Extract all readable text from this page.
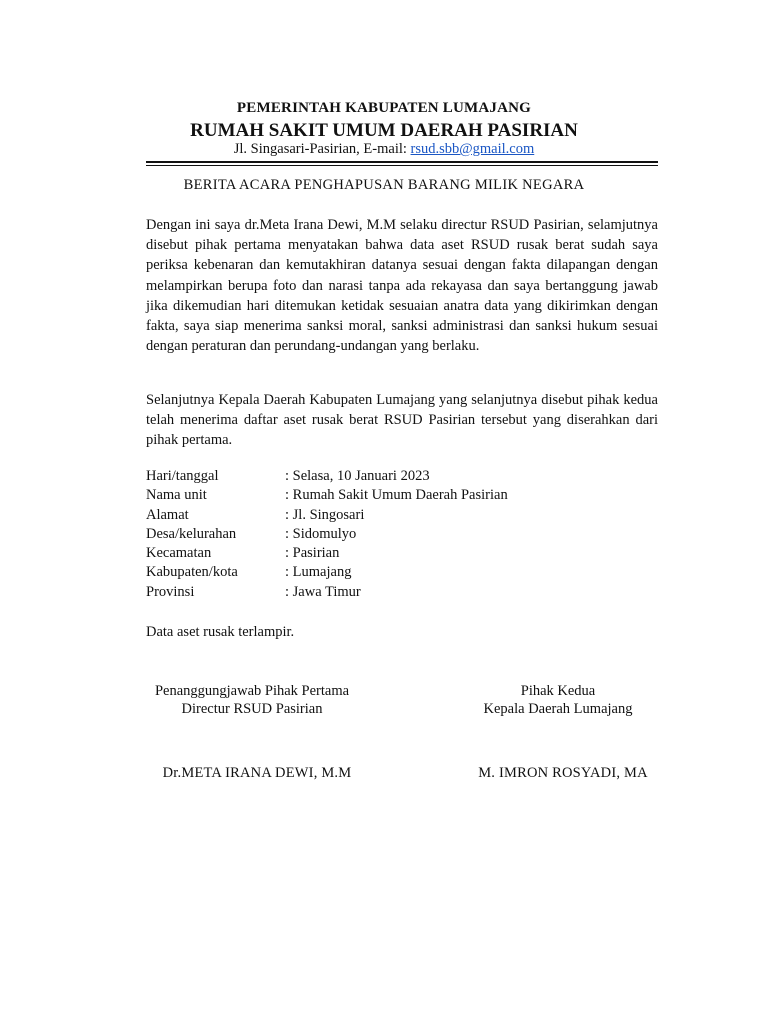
PEMERINTAH KABUPATEN LUMAJANG
RUMAH SAKIT UMUM DAERAH PASIRIAN
Jl. Singasari-Pasirian, E-mail: rsud.sbb@gmail.com
BERITA ACARA PENGHAPUSAN BARANG MILIK NEGARA
Dengan ini saya dr.Meta Irana Dewi, M.M selaku directur RSUD Pasirian, selamjutnya disebut pihak pertama menyatakan bahwa data aset RSUD rusak berat sudah saya periksa kebenaran dan kemutakhiran datanya sesuai dengan fakta dilapangan dengan melampirkan berupa foto dan narasi tanpa ada rekayasa dan saya bertanggung jawab jika dikemudian hari ditemukan ketidak sesuaian anatra data yang dikirimkan dengan fakta, saya siap menerima sanksi moral, sanksi administrasi dan sanksi hukum sesuai dengan peraturan dan perundang-undangan yang berlaku.
Selanjutnya Kepala Daerah Kabupaten Lumajang yang selanjutnya disebut pihak kedua telah menerima daftar aset rusak berat RSUD Pasirian tersebut yang diserahkan dari pihak pertama.
Hari/tanggal	: Selasa, 10 Januari 2023
Nama unit	: Rumah Sakit Umum Daerah Pasirian
Alamat	: Jl. Singosari
Desa/kelurahan	: Sidomulyo
Kecamatan	: Pasirian
Kabupaten/kota	: Lumajang
Provinsi	: Jawa Timur
Data aset rusak terlampir.
Penanggungjawab Pihak Pertama
Directur RSUD Pasirian
Pihak Kedua
Kepala Daerah Lumajang
Dr.META IRANA DEWI, M.M	M. IMRON ROSYADI, MA
